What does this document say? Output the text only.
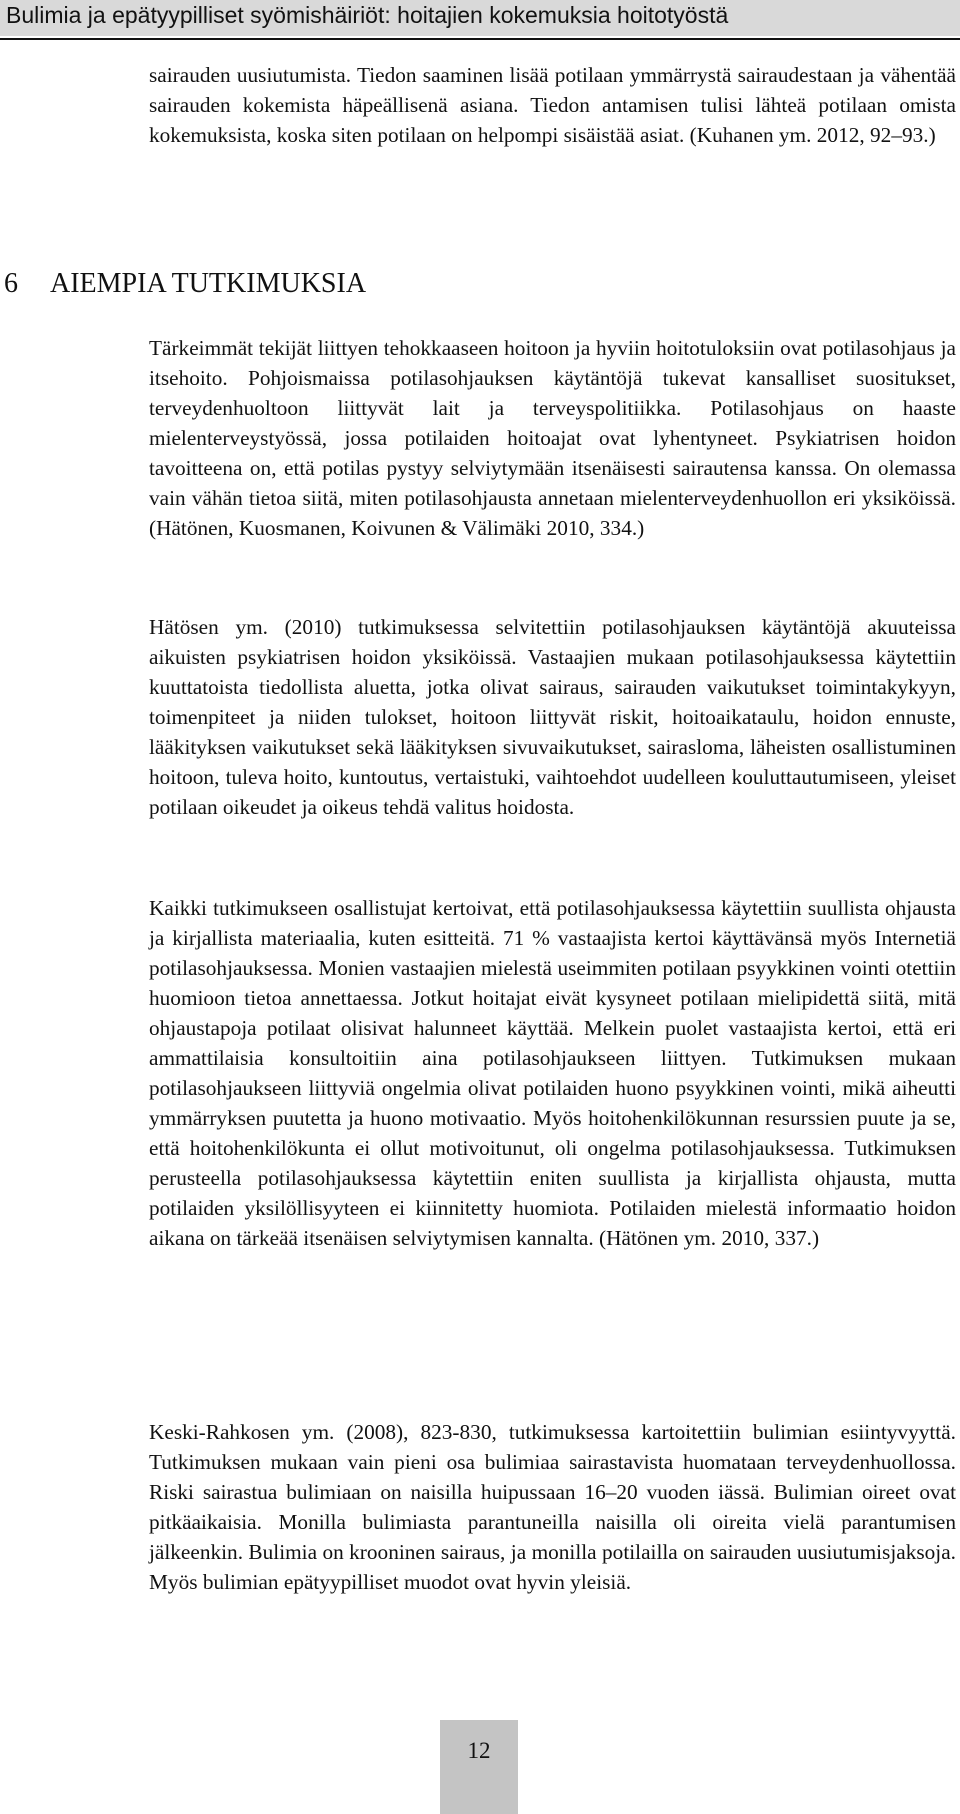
Bulimia ja epätyypilliset syömishäiriöt: hoitajien kokemuksia hoitotyöstä

sairauden uusiutumista. Tiedon saaminen lisää potilaan ymmärrystä sairaudestaan ja vähentää sairauden kokemista häpeällisenä asiana. Tiedon antamisen tulisi lähteä potilaan omista kokemuksista, koska siten potilaan on helpompi sisäistää asiat. (Kuhanen ym. 2012, 92–93.)

6 AIEMPIA TUTKIMUKSIA

Tärkeimmät tekijät liittyen tehokkaaseen hoitoon ja hyviin hoitotuloksiin ovat potilasohjaus ja itsehoito. Pohjoismaissa potilasohjauksen käytäntöjä tukevat kansalliset suositukset, terveydenhuoltoon liittyvät lait ja terveyspolitiikka. Potilasohjaus on haaste mielenterveystyössä, jossa potilaiden hoitoajat ovat lyhentyneet. Psykiatrisen hoidon tavoitteena on, että potilas pystyy selviytymään itsenäisesti sairautensa kanssa. On olemassa vain vähän tietoa siitä, miten potilasohjausta annetaan mielenterveydenhuollon eri yksiköissä. (Hätönen, Kuosmanen, Koivunen & Välimäki 2010, 334.)

Hätösen ym. (2010) tutkimuksessa selvitettiin potilasohjauksen käytäntöjä akuuteissa aikuisten psykiatrisen hoidon yksiköissä. Vastaajien mukaan potilasohjauksessa käytettiin kuuttatoista tiedollista aluetta, jotka olivat sairaus, sairauden vaikutukset toimintakykyyn, toimenpiteet ja niiden tulokset, hoitoon liittyvät riskit, hoitoaikataulu, hoidon ennuste, lääkityksen vaikutukset sekä lääkityksen sivuvaikutukset, sairasloma, läheisten osallistuminen hoitoon, tuleva hoito, kuntoutus, vertaistuki, vaihtoehdot uudelleen kouluttautumiseen, yleiset potilaan oikeudet ja oikeus tehdä valitus hoidosta.

Kaikki tutkimukseen osallistujat kertoivat, että potilasohjauksessa käytettiin suullista ohjausta ja kirjallista materiaalia, kuten esitteitä. 71 % vastaajista kertoi käyttävänsä myös Internetiä potilasohjauksessa. Monien vastaajien mielestä useimmiten potilaan psyykkinen vointi otettiin huomioon tietoa annettaessa. Jotkut hoitajat eivät kysyneet potilaan mielipidettä siitä, mitä ohjaustapoja potilaat olisivat halunneet käyttää. Melkein puolet vastaajista kertoi, että eri ammattilaisia konsultoitiin aina potilasohjaukseen liittyen. Tutkimuksen mukaan potilasohjaukseen liittyviä ongelmia olivat potilaiden huono psyykkinen vointi, mikä aiheutti ymmärryksen puutetta ja huono motivaatio. Myös hoitohenkilökunnan resurssien puute ja se, että hoitohenkilökunta ei ollut motivoitunut, oli ongelma potilasohjauksessa. Tutkimuksen perusteella potilasohjauksessa käytettiin eniten suullista ja kirjallista ohjausta, mutta potilaiden yksilöllisyyteen ei kiinnitetty huomiota. Potilaiden mielestä informaatio hoidon aikana on tärkeää itsenäisen selviytymisen kannalta. (Hätönen ym. 2010, 337.)

Keski-Rahkosen ym. (2008), 823-830, tutkimuksessa kartoitettiin bulimian esiintyvyyttä. Tutkimuksen mukaan vain pieni osa bulimiaa sairastavista huomataan terveydenhuollossa. Riski sairastua bulimiaan on naisilla huipussaan 16–20 vuoden iässä. Bulimian oireet ovat pitkäaikaisia. Monilla bulimiasta parantuneilla naisilla oli oireita vielä parantumisen jälkeenkin. Bulimia on krooninen sairaus, ja monilla potilailla on sairauden uusiutumisjaksoja. Myös bulimian epätyypilliset muodot ovat hyvin yleisiä.

12
